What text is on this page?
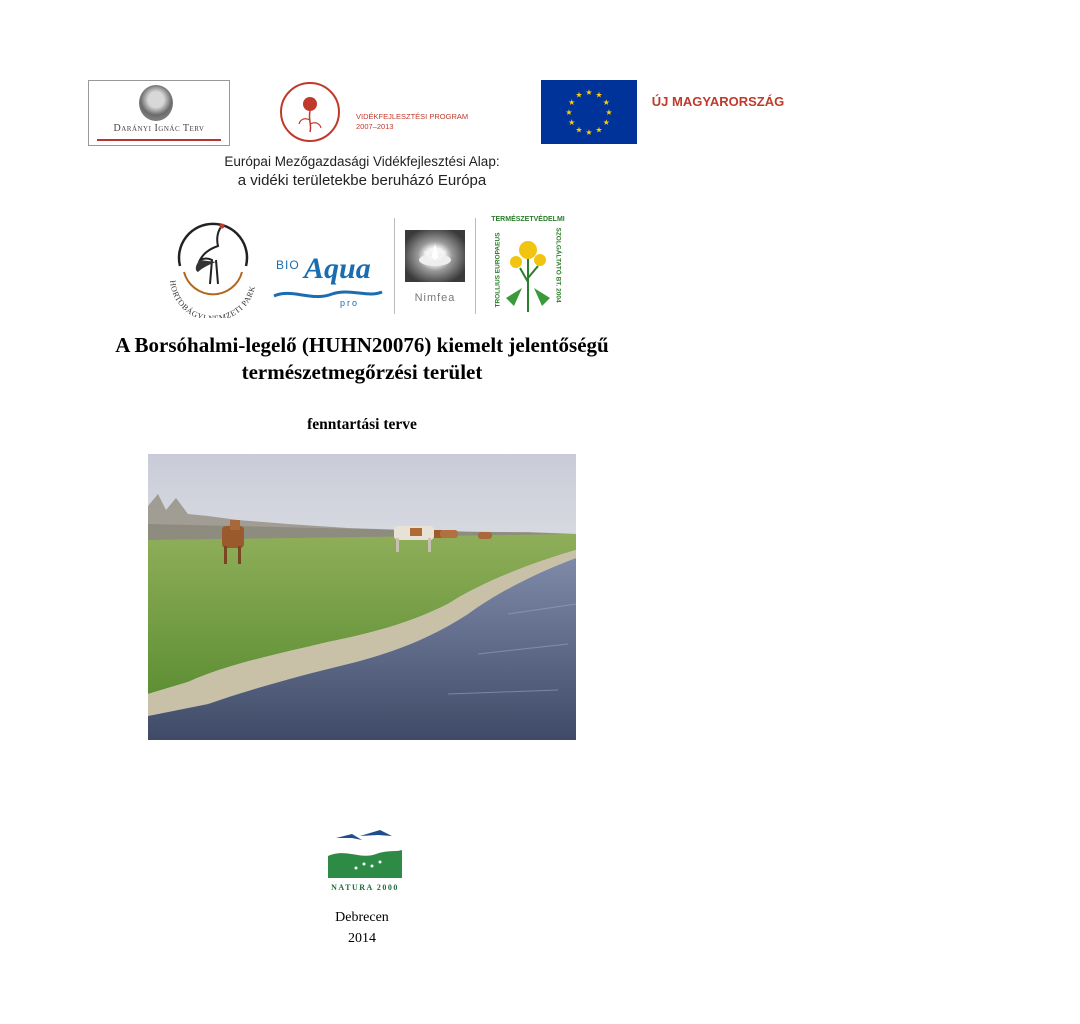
Darányi Ignác Terv
ÚJ MAGYARORSZÁG
VIDÉKFEJLESZTÉSI PROGRAM
2007–2013
★ ★
★
★
★
★
★
★
★
★
★
★
Európai Mezőgazdasági Vidékfejlesztési Alap:
a vidéki területekbe beruházó Európa
HORTOBÁGYI MZETI PARK
BIO Aqua
pro	Nimfea
TERMÉSZETVÉDELMI
TROLLIUS EUROPAEUS	SZOLGÁLTATÓ BT. 2004
A Borsóhalmi-legelő (HUHN20076) kiemelt jelentőségű
természetmegőrzési terület
fenntartási terve
NATURA 2000
Debrecen
2014
